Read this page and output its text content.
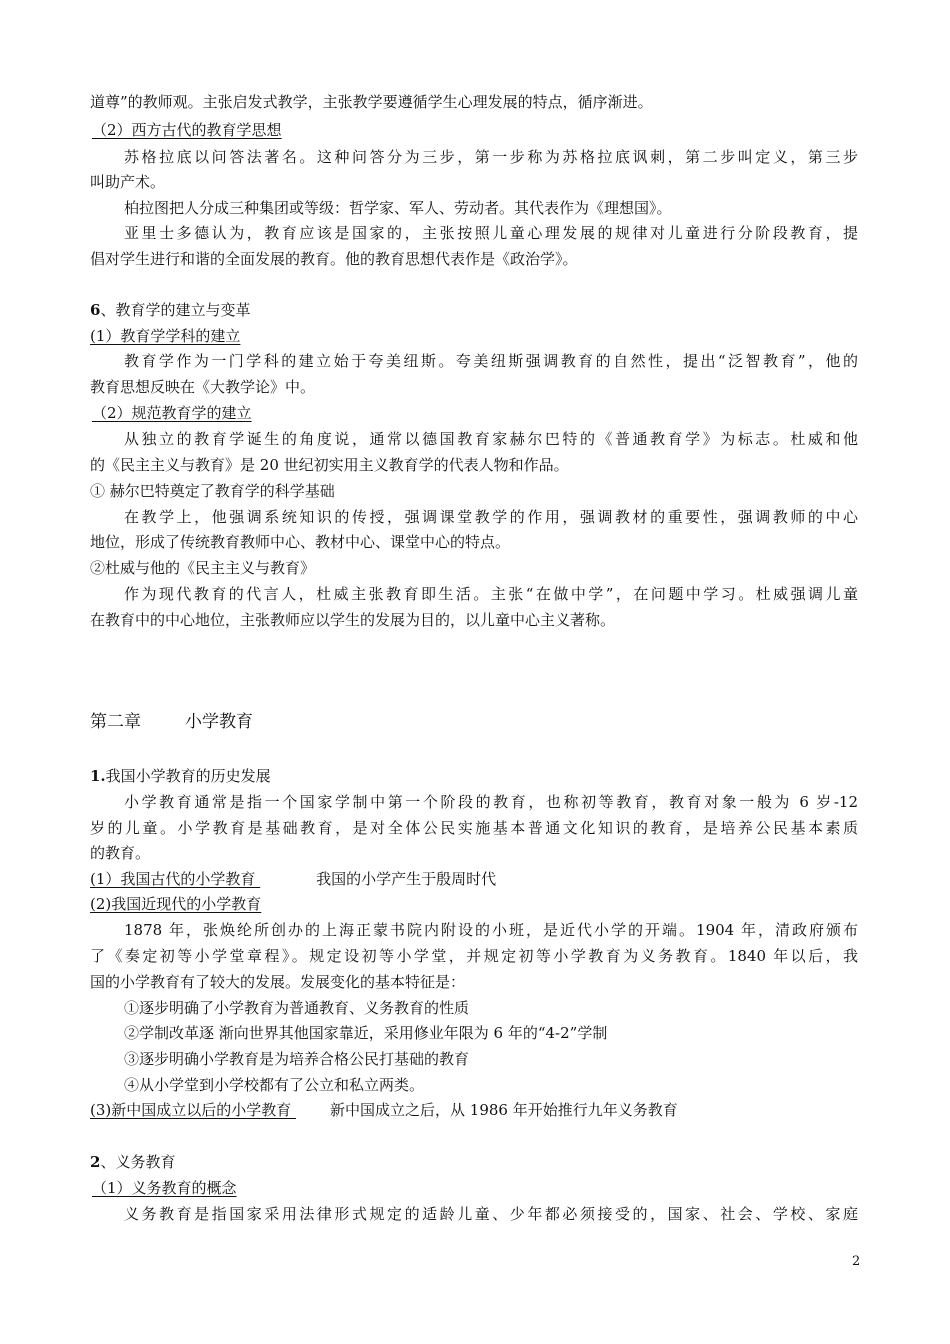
道尊”的教师观。主张启发式教学，主张教学要遵循学生心理发展的特点，循序渐进。
（2）西方古代的教育学思想
苏格拉底以问答法著名。这种问答分为三步，第一步称为苏格拉底讽刺，第二步叫定义，第三步
叫助产术。
柏拉图把人分成三种集团或等级：哲学家、军人、劳动者。其代表作为《理想国》。
亚里士多德认为，教育应该是国家的，主张按照儿童心理发展的规律对儿童进行分阶段教育，提
倡对学生进行和谐的全面发展的教育。他的教育思想代表作是《政治学》。
6、教育学的建立与变革
(1）教育学学科的建立
教育学作为一门学科的建立始于夸美纽斯。夸美纽斯强调教育的自然性，提出“泛智教育”，他的
教育思想反映在《大教学论》中。
（2）规范教育学的建立
从独立的教育学诞生的角度说，通常以德国教育家赫尔巴特的《普通教育学》为标志。杜威和他
的《民主主义与教育》是 20 世纪初实用主义教育学的代表人物和作品。
① 赫尔巴特奠定了教育学的科学基础
在教学上，他强调系统知识的传授，强调课堂教学的作用，强调教材的重要性，强调教师的中心
地位，形成了传统教育教师中心、教材中心、课堂中心的特点。
②杜威与他的《民主主义与教育》
作为现代教育的代言人，杜威主张教育即生活。主张“在做中学”，在问题中学习。杜威强调儿童
在教育中的中心地位，主张教师应以学生的发展为目的，以儿童中心主义著称。
第二章	小学教育
1.我国小学教育的历史发展
小学教育通常是指一个国家学制中第一个阶段的教育，也称初等教育，教育对象一般为 6 岁-12
岁的儿童。小学教育是基础教育，是对全体公民实施基本普通文化知识的教育，是培养公民基本素质
的教育。
(1）我国古代的小学教育	我国的小学产生于殷周时代
(2)我国近现代的小学教育
1878 年，张焕纶所创办的上海正蒙书院内附设的小班，是近代小学的开端。1904 年，清政府颁布
了《奏定初等小学堂章程》。规定设初等小学堂，并规定初等小学教育为义务教育。1840 年以后，我
国的小学教育有了较大的发展。发展变化的基本特征是：
①逐步明确了小学教育为普通教育、义务教育的性质
②学制改革逐 渐向世界其他国家靠近，采用修业年限为 6 年的“4-2”学制
③逐步明确小学教育是为培养合格公民打基础的教育
④从小学堂到小学校都有了公立和私立两类。
(3)新中国成立以后的小学教育 新中国成立之后，从 1986 年开始推行九年义务教育
2、义务教育
（1）义务教育的概念
义务教育是指国家采用法律形式规定的适龄儿童、少年都必须接受的，国家、社会、学校、家庭
2
